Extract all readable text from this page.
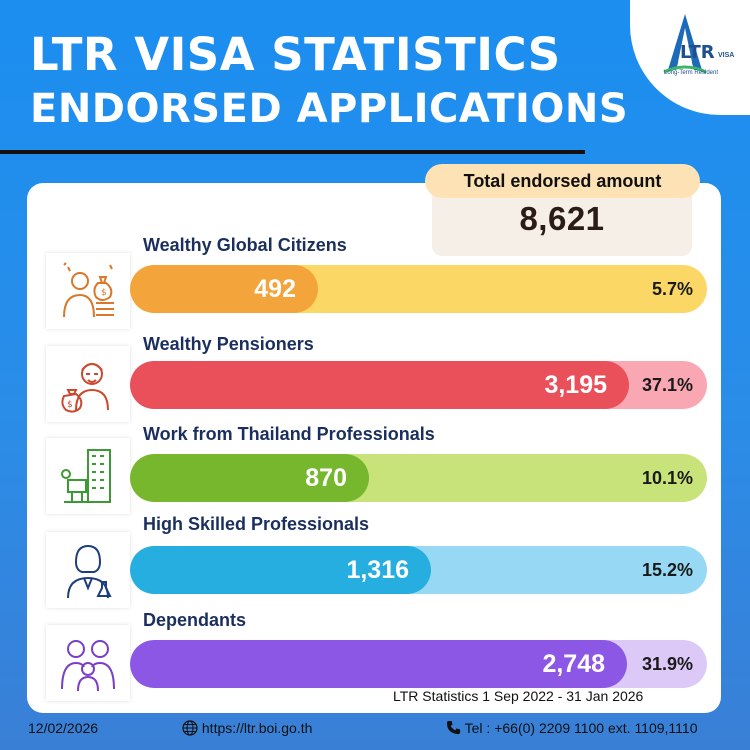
LTR VISA STATISTICS
ENDORSED APPLICATIONS
LTR VISA
Long-Term Resident
Total endorsed amount
8,621
Wealthy Global Citizens
$	492	5.7%
Wealthy Pensioners
$
3,195 37.1%
Work from Thailand Professionals
870	10.1%
High Skilled Professionals
1,316	15.2%
Dependants
2,748 31.9%
LTR Statistics 1 Sep 2022 - 31 Jan 2026
12/02/2026	https://ltr.boi.go.th	Tel : +66(0) 2209 1100 ext. 1109,1110
